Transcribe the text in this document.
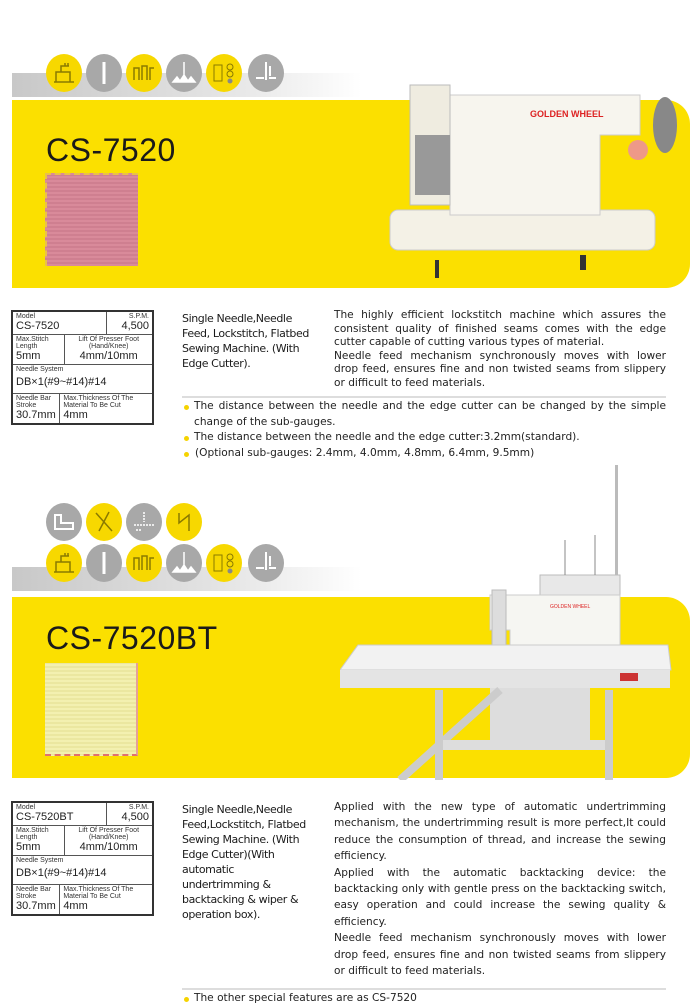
CS-7520
GOLDEN WHEEL
Model
CS-7520
S.P.M.
4,500
Max.Stitch Length
5mm
Lift Of Presser Foot (Hand/Knee)
4mm/10mm
Needle System
DB×1(#9~#14)#14
Needle Bar Stroke
30.7mm
Max.Thickness Of The Material To Be Cut
4mm
Single Needle,Needle Feed, Lockstitch, Flatbed Sewing Machine. (With Edge Cutter).

The highly efficient lockstitch machine which assures the consistent quality of finished seams comes with the edge cutter capable of cutting various types of material.

Needle feed mechanism synchronously moves with lower drop feed, ensures fine and non twisted seams from slippery or difficult to feed materials.

The distance between the needle and the edge cutter can be changed by the simple change of the sub-gauges.
The distance between the needle and the edge cutter:3.2mm(standard).
(Optional sub-gauges: 2.4mm, 4.0mm, 4.8mm, 6.4mm, 9.5mm)
CS-7520BT
GOLDEN WHEEL
Model
CS-7520BT
S.P.M.
4,500
Max.Stitch Length
5mm
Lift Of Presser Foot (Hand/Knee)
4mm/10mm
Needle System
DB×1(#9~#14)#14
Needle Bar Stroke
30.7mm
Max.Thickness Of The Material To Be Cut
4mm
Single Needle,Needle Feed,Lockstitch, Flatbed Sewing Machine. (With Edge Cutter)(With automatic undertrimming & backtacking & wiper & operation box).

Applied with the new type of automatic undertrimming mechanism, the undertrimming result is more perfect,It could reduce the consumption of thread, and increase the sewing efficiency.

Applied with the automatic backtacking device: the backtacking only with gentle press on the backtacking switch, easy operation and could increase the sewing quality & efficiency.

Needle feed mechanism synchronously moves with lower drop feed, ensures fine and non twisted seams from slippery or difficult to feed materials.

The other special features are as CS-7520
